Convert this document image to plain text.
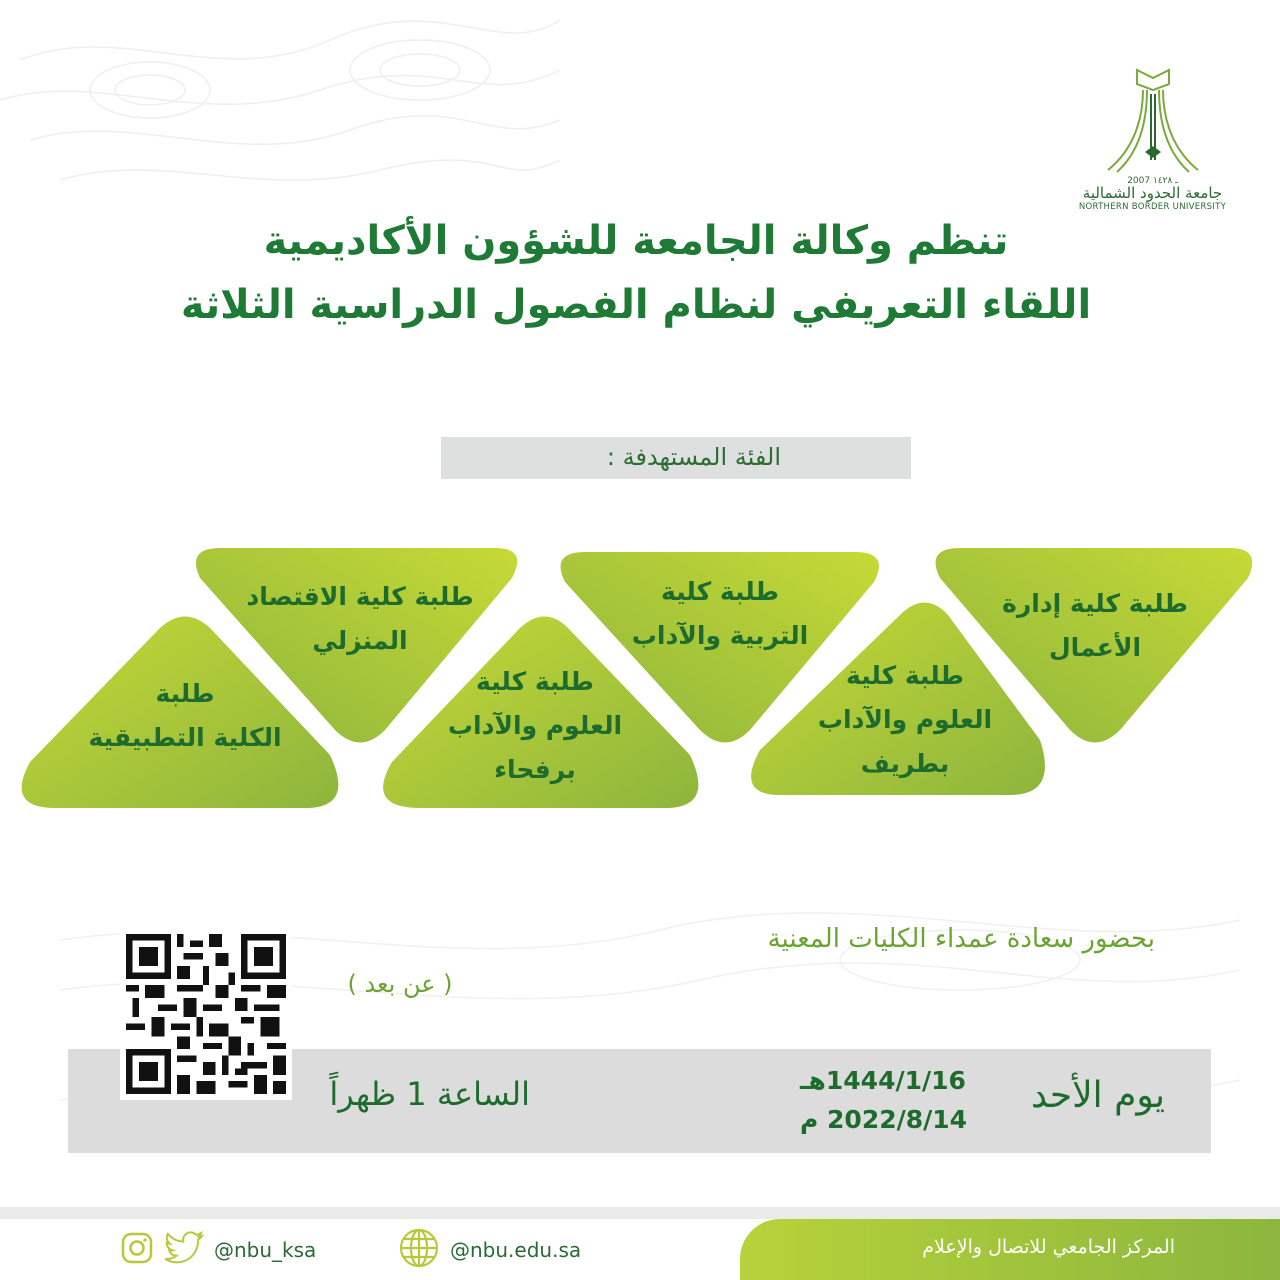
2007 ـ ١٤٢٨
جامعة الحدود الشمالية
NORTHERN BORDER UNIVERSITY
تنظم وكالة الجامعة للشؤون الأكاديمية
اللقاء التعريفي لنظام الفصول الدراسية الثلاثة
الفئة المستهدفة :
طلبة كلية إدارة
الأعمال
طلبة كلية
العلوم والآداب
بطريف
طلبة كلية
التربية والآداب
طلبة كلية
العلوم والآداب
برفحاء
طلبة كلية الاقتصاد
المنزلي
طلبة
الكلية التطبيقية
بحضور سعادة عمداء الكليات المعنية
( عن بعد )
الساعة 1 ظهراً	1444/1/16هـ
2022/8/14 م
يوم الأحد
المركز الجامعي للاتصال والإعلام
@nbu_ksa	@nbu.edu.sa
